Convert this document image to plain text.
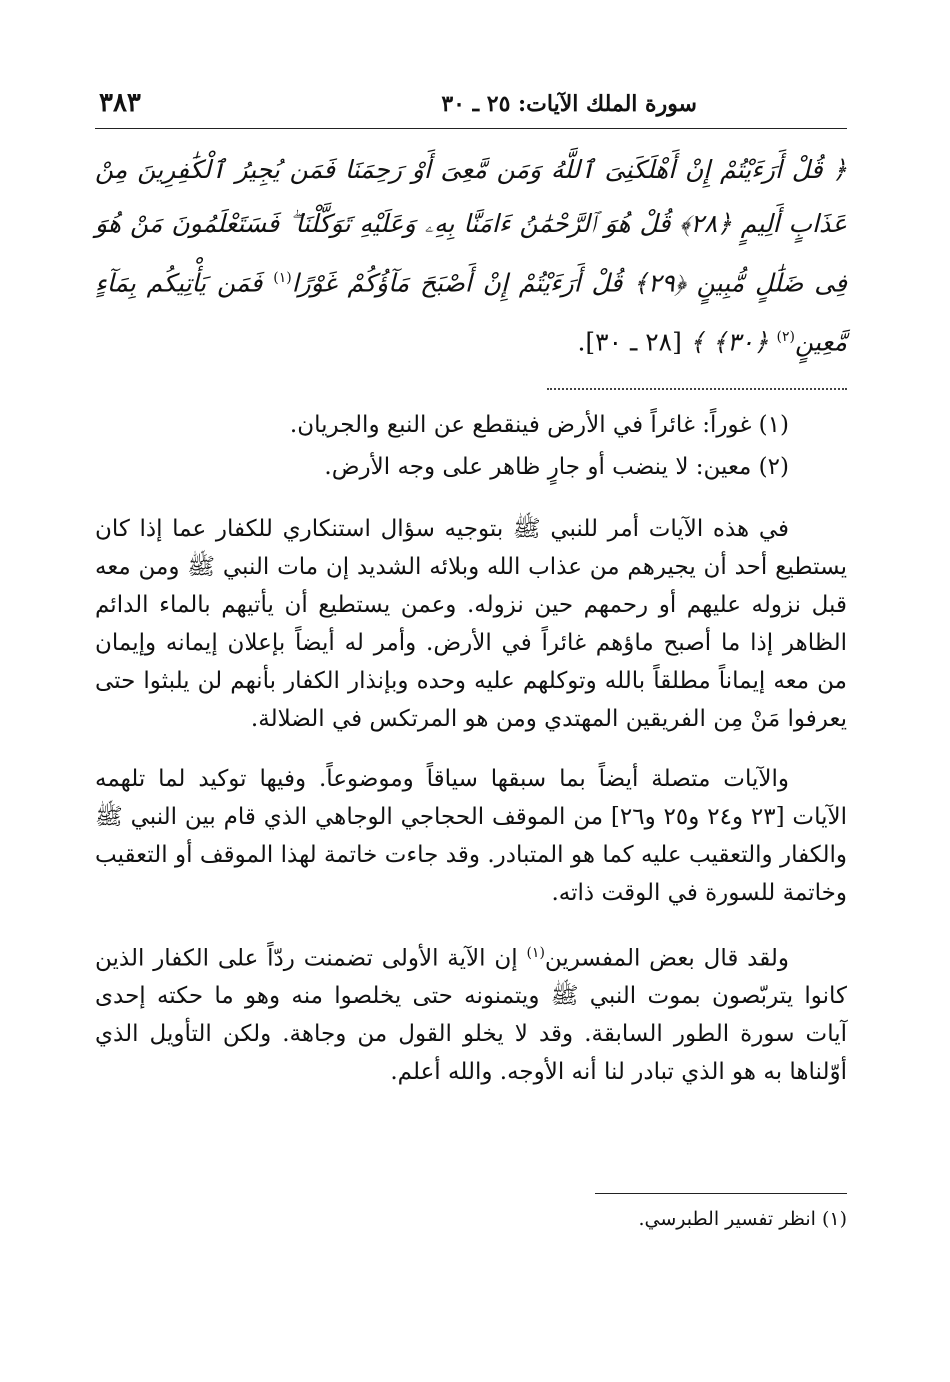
سورة الملك الآيات: ٢٥ ـ ٣٠
٣٨٣
﴿ قُلْ أَرَءَيْتُمْ إِنْ أَهْلَكَنِىَ ٱللَّهُ وَمَن مَّعِىَ أَوْ رَحِمَنَا فَمَن يُجِيرُ ٱلْكَٰفِرِينَ مِنْ عَذَابٍ أَلِيمٍ ﴿٢٨﴾ قُلْ هُوَ ٱلرَّحْمَٰنُ ءَامَنَّا بِهِۦ وَعَلَيْهِ تَوَكَّلْنَا ۖ فَسَتَعْلَمُونَ مَنْ هُوَ فِى ضَلَٰلٍ مُّبِينٍ ﴿٢٩﴾ قُلْ أَرَءَيْتُمْ إِنْ أَصْبَحَ مَآؤُكُمْ غَوْرًا$^{(١)}$ فَمَن يَأْتِيكُم بِمَآءٍ مَّعِينٍ$^{(٢)}$ ﴿٣٠﴾ ﴾ [٢٨ ـ ٣٠].
(١) غوراً: غائراً في الأرض فينقطع عن النبع والجريان.
(٢) معين: لا ينضب أو جارٍ ظاهر على وجه الأرض.

في هذه الآيات أمر للنبي ﷺ بتوجيه سؤال استنكاري للكفار عما إذا كان يستطيع أحد أن يجيرهم من عذاب الله وبلائه الشديد إن مات النبي ﷺ ومن معه قبل نزوله عليهم أو رحمهم حين نزوله. وعمن يستطيع أن يأتيهم بالماء الدائم الظاهر إذا ما أصبح ماؤهم غائراً في الأرض. وأمر له أيضاً بإعلان إيمانه وإيمان من معه إيماناً مطلقاً بالله وتوكلهم عليه وحده وبإنذار الكفار بأنهم لن يلبثوا حتى يعرفوا مَنْ مِن الفريقين المهتدي ومن هو المرتكس في الضلالة.

والآيات متصلة أيضاً بما سبقها سياقاً وموضوعاً. وفيها توكيد لما تلهمه الآيات [٢٣ و٢٤ و٢٥ و٢٦] من الموقف الحجاجي الوجاهي الذي قام بين النبي ﷺ والكفار والتعقيب عليه كما هو المتبادر. وقد جاءت خاتمة لهذا الموقف أو التعقيب وخاتمة للسورة في الوقت ذاته.

ولقد قال بعض المفسرين$^{(١)}$ إن الآية الأولى تضمنت ردّاً على الكفار الذين كانوا يتربّصون بموت النبي ﷺ ويتمنونه حتى يخلصوا منه وهو ما حكته إحدى آيات سورة الطور السابقة. وقد لا يخلو القول من وجاهة. ولكن التأويل الذي أوّلناها به هو الذي تبادر لنا أنه الأوجه. والله أعلم.

(١) انظر تفسير الطبرسي.
